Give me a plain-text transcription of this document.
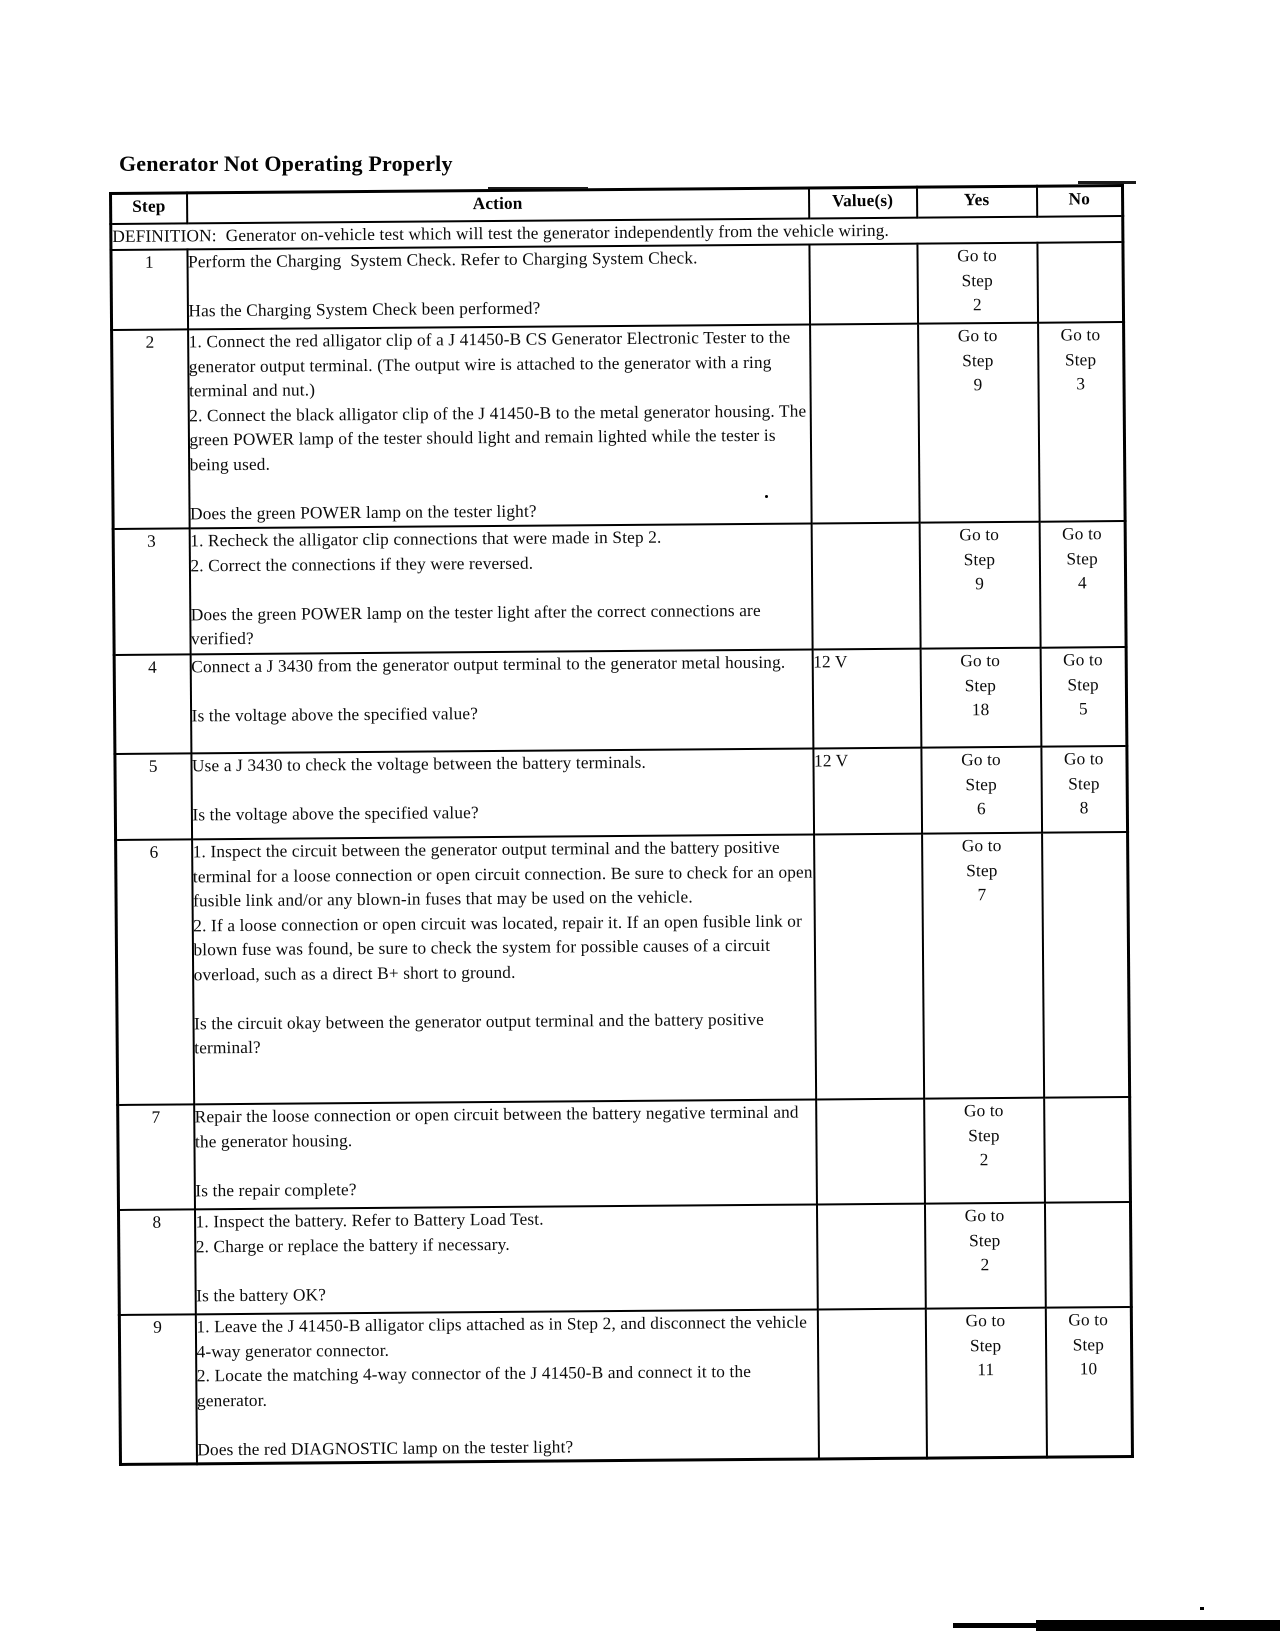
Generator Not Operating Properly
Step	Action	Value(s)	Yes	No
DEFINITION:  Generator on-vehicle test which will test the generator independently from the vehicle wiring.				
1	Perform the Charging  System Check. Refer to Charging System Check.

Has the Charging System Check been performed?		Go to
Step
2	
2	1. Connect the red alligator clip of a J 41450-B CS Generator Electronic Tester to the generator output terminal. (The output wire is attached to the generator with a ring terminal and nut.)
2. Connect the black alligator clip of the J 41450-B to the metal generator housing. The green POWER lamp of the tester should light and remain lighted while the tester is being used.

Does the green POWER lamp on the tester light?		Go to
Step
9	Go to
Step
3
3	1. Recheck the alligator clip connections that were made in Step 2.
2. Correct the connections if they were reversed.

Does the green POWER lamp on the tester light after the correct connections are verified?		Go to
Step
9	Go to
Step
4
4	Connect a J 3430 from the generator output terminal to the generator metal housing.

Is the voltage above the specified value?	12 V	Go to
Step
18	Go to
Step
5
5	Use a J 3430 to check the voltage between the battery terminals.

Is the voltage above the specified value?	12 V	Go to
Step
6	Go to
Step
8
6	1. Inspect the circuit between the generator output terminal and the battery positive terminal for a loose connection or open circuit connection. Be sure to check for an open fusible link and/or any blown-in fuses that may be used on the vehicle.
2. If a loose connection or open circuit was located, repair it. If an open fusible link or blown fuse was found, be sure to check the system for possible causes of a circuit overload, such as a direct B+ short to ground.

Is the circuit okay between the generator output terminal and the battery positive terminal?		Go to
Step
7	
7	Repair the loose connection or open circuit between the battery negative terminal and the generator housing.

Is the repair complete?		Go to
Step
2	
8	1. Inspect the battery. Refer to Battery Load Test.
2. Charge or replace the battery if necessary.

Is the battery OK?		Go to
Step
2	
9	1. Leave the J 41450-B alligator clips attached as in Step 2, and disconnect the vehicle 4-way generator connector.
2. Locate the matching 4-way connector of the J 41450-B and connect it to the generator.

Does the red DIAGNOSTIC lamp on the tester light?		Go to
Step
11	Go to
Step
10
